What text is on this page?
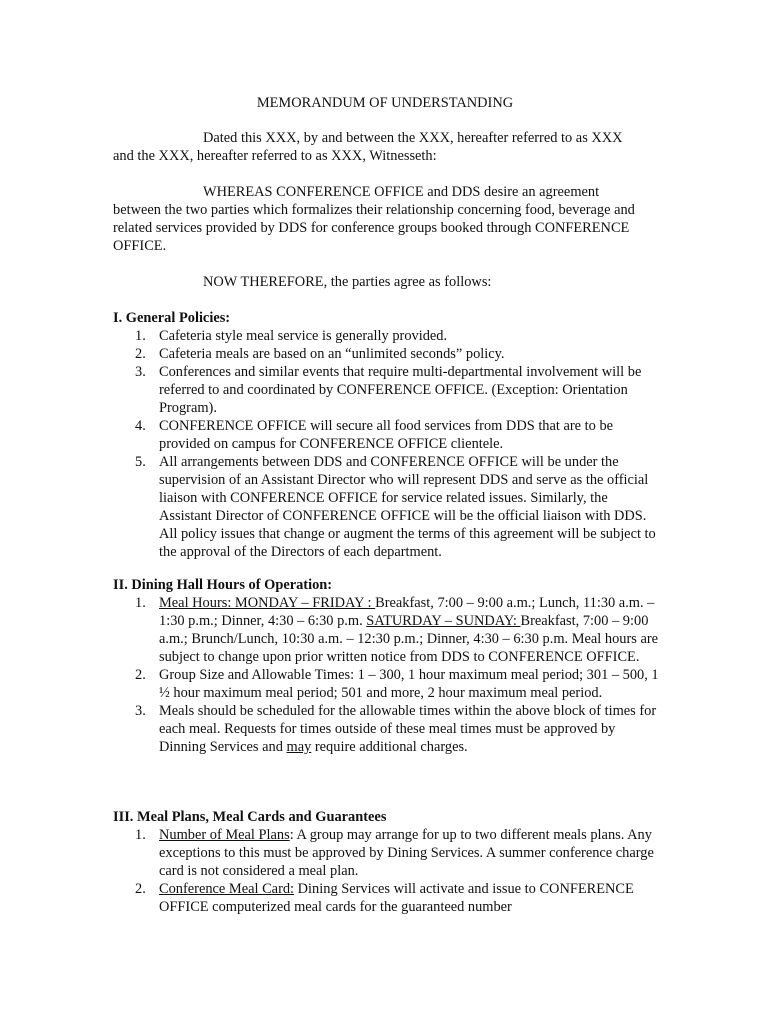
MEMORANDUM OF UNDERSTANDING
Dated this XXX, by and between the XXX, hereafter referred to as XXX
and the XXX, hereafter referred to as XXX, Witnesseth:
WHEREAS CONFERENCE OFFICE and DDS desire an agreement
between the two parties which formalizes their relationship concerning food, beverage and related services provided by DDS for conference groups booked through CONFERENCE OFFICE.
NOW THEREFORE, the parties agree as follows:
I. General Policies:
1. Cafeteria style meal service is generally provided.
2. Cafeteria meals are based on an “unlimited seconds” policy.
3. Conferences and similar events that require multi-departmental involvement will be referred to and coordinated by CONFERENCE OFFICE. (Exception: Orientation Program).
4. CONFERENCE OFFICE will secure all food services from DDS that are to be provided on campus for CONFERENCE OFFICE clientele.
5. All arrangements between DDS and CONFERENCE OFFICE will be under the supervision of an Assistant Director who will represent DDS and serve as the official liaison with CONFERENCE OFFICE for service related issues. Similarly, the Assistant Director of CONFERENCE OFFICE will be the official liaison with DDS. All policy issues that change or augment the terms of this agreement will be subject to the approval of the Directors of each department.
II. Dining Hall Hours of Operation:
1. Meal Hours: MONDAY – FRIDAY : Breakfast, 7:00 – 9:00 a.m.; Lunch, 11:30 a.m. – 1:30 p.m.; Dinner, 4:30 – 6:30 p.m. SATURDAY – SUNDAY: Breakfast, 7:00 – 9:00 a.m.; Brunch/Lunch, 10:30 a.m. – 12:30 p.m.; Dinner, 4:30 – 6:30 p.m. Meal hours are subject to change upon prior written notice from DDS to CONFERENCE OFFICE.
2. Group Size and Allowable Times: 1 – 300, 1 hour maximum meal period; 301 – 500, 1 ½ hour maximum meal period; 501 and more, 2 hour maximum meal period.
3. Meals should be scheduled for the allowable times within the above block of times for each meal. Requests for times outside of these meal times must be approved by Dinning Services and may require additional charges.
III. Meal Plans, Meal Cards and Guarantees
1. Number of Meal Plans: A group may arrange for up to two different meals plans. Any exceptions to this must be approved by Dining Services. A summer conference charge card is not considered a meal plan.
2. Conference Meal Card: Dining Services will activate and issue to CONFERENCE OFFICE computerized meal cards for the guaranteed number
